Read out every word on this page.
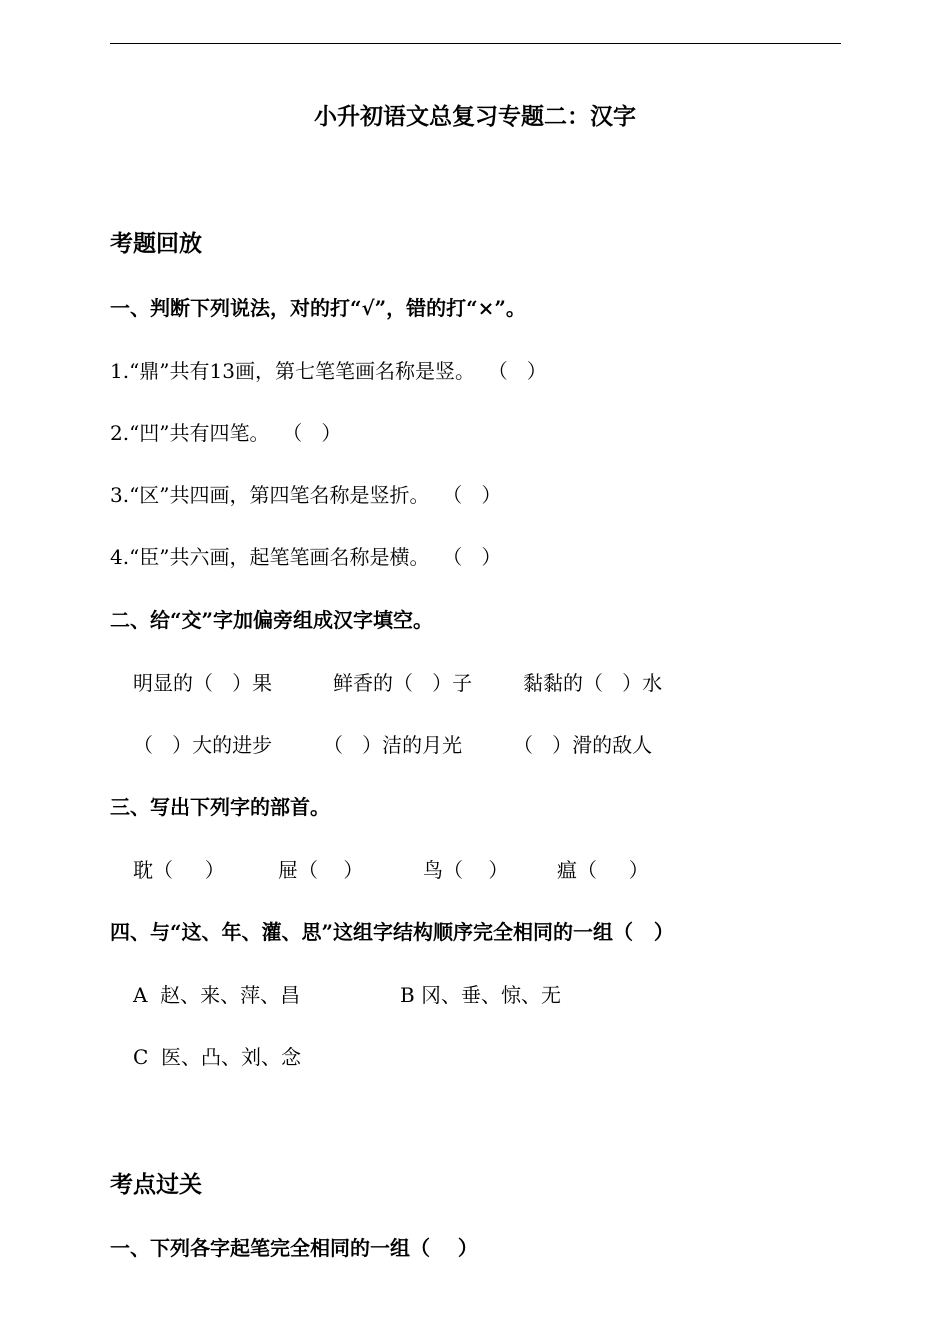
小升初语文总复习专题二：汉字
考题回放
一、判断下列说法，对的打“√”，错的打“×”。
1.“鼎”共有13画，第七笔笔画名称是竖。  （   ）
2.“凹”共有四笔。  （   ）
3.“区”共四画，第四笔名称是竖折。  （   ）
4.“臣”共六画，起笔笔画名称是横。  （   ）
二、给“交”字加偏旁组成汉字填空。
明显的（   ）果	鲜香的（   ）子	黏黏的（   ）水
（   ）大的进步	（   ）洁的月光	（   ）滑的敌人
三、写出下列字的部首。
耽（     ）	屉（    ）	鸟（    ） 瘟（     ）
四、与“这、年、灌、思”这组字结构顺序完全相同的一组（   ）
A  赵、来、萍、昌	B 冈、垂、惊、无
C  医、凸、刘、念
考点过关
一、下列各字起笔完全相同的一组（    ）
